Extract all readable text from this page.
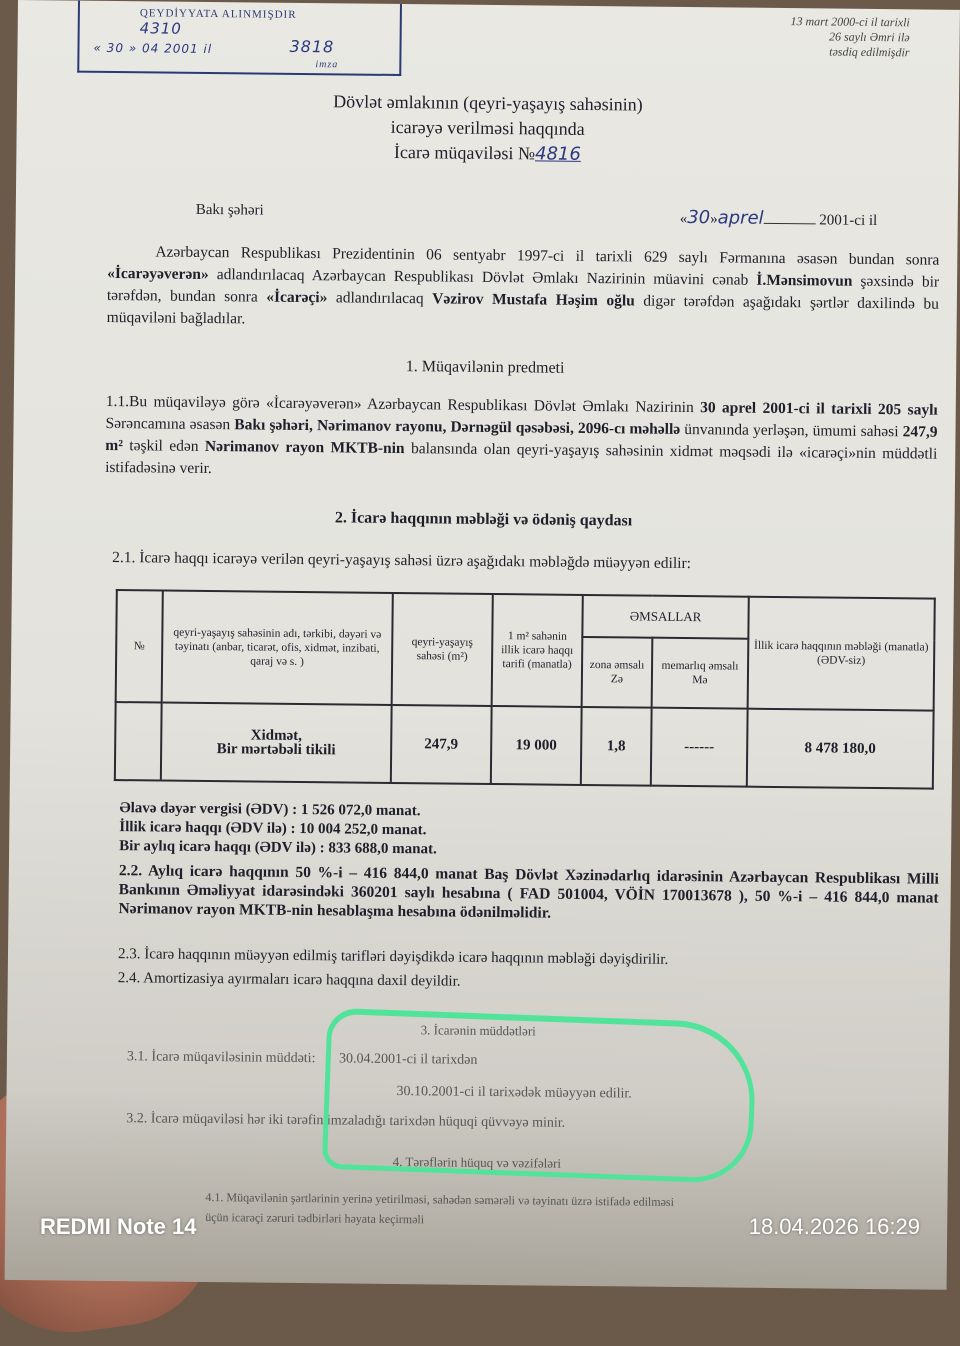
QEYDİYYATA ALINMIŞDIR
4310
« 30 » 04 2001 il	3818
imza
13 mart 2000-ci il tarixli
26 saylı Əmri ilə
təsdiq edilmişdir
Dövlət əmlakının (qeyri-yaşayış sahəsinin)
icarəyə verilməsi haqqında
İcarə müqaviləsi №4816
Bakı şəhəri
«30»aprel	2001-ci il

Azərbaycan Respublikası Prezidentinin 06 sentyabr 1997-ci il tarixli 629 saylı Fərmanına əsasən bundan sonra «İcarəyəverən» adlandırılacaq Azərbaycan Respublikası Dövlət Əmlakı Nazirinin müavini cənab İ.Mənsimovun şəxsində bir tərəfdən, bundan sonra «İcarəçi» adlandırılacaq Vəzirov Mustafa Həşim oğlu digər tərəfdən aşağıdakı şərtlər daxilində bu müqaviləni bağladılar.

1. Müqavilənin predmeti

1.1.Bu müqaviləyə görə «İcarəyəverən» Azərbaycan Respublikası Dövlət Əmlakı Nazirinin 30 aprel 2001-ci il tarixli 205 saylı Sərəncamına əsasən Bakı şəhəri, Nərimanov rayonu, Dərnəgül qəsəbəsi, 2096-cı məhəllə ünvanında yerləşən, ümumi sahəsi 247,9 m² təşkil edən Nərimanov rayon MKTB-nin balansında olan qeyri-yaşayış sahəsinin xidmət məqsədi ilə «icarəçi»nin müddətli istifadəsinə verir.

2. İcarə haqqının məbləği və ödəniş qaydası

2.1. İcarə haqqı icarəyə verilən qeyri-yaşayış sahəsi üzrə aşağıdakı məbləğdə müəyyən edilir:

№	qeyri-yaşayış sahəsinin adı, tərkibi, dəyəri və təyinatı (anbar, ticarət, ofis, xidmət, inzibati, qaraj və s. )	qeyri-yaşayış sahəsi (m²)	1 m² sahənin illik icarə haqqı tarifi (manatla)	ƏMSALLAR		İllik icarə haqqının məbləği (manatla) (ƏDV-siz)
				zona əmsalı Zə	memarlıq əmsalı Mə	

	Xidmət,
Bir mərtəbəli tikili	247,9	19 000	1,8	------	8 478 180,0
Əlavə dəyər vergisi (ƏDV) : 1 526 072,0 manat.
İllik icarə haqqı (ƏDV ilə) : 10 004 252,0 manat.
Bir aylıq icarə haqqı (ƏDV ilə) : 833 688,0 manat.

2.2. Aylıq icarə haqqının 50 %-i – 416 844,0 manat Baş Dövlət Xəzinədarlıq idarəsinin Azərbaycan Respublikası Milli Bankının Əməliyyat idarəsindəki 360201 saylı hesabına ( FAD 501004, VÖİN 170013678 ), 50 %-i – 416 844,0 manat Nərimanov rayon MKTB-nin hesablaşma hesabına ödənilməlidir.

2.3. İcarə haqqının müəyyən edilmiş tarifləri dəyişdikdə icarə haqqının məbləği dəyişdirilir.
2.4. Amortizasiya ayırmaları icarə haqqına daxil deyildir.
3. İcarənin müddətləri
3.1. İcarə müqaviləsinin müddəti: 30.04.2001-ci il tarixdən
30.10.2001-ci il tarixədək müəyyən edilir.
3.2. İcarə müqaviləsi hər iki tərəfin imzaladığı tarixdən hüquqi qüvvəyə minir.
4. Tərəflərin hüquq və vəzifələri
4.1. Müqavilənin şərtlərinin yerinə yetirilməsi, sahədən səmərəli və təyinatı üzrə istifadə edilməsi
üçün icarəçi zəruri tədbirləri həyata keçirməli
REDMI Note 14	18.04.2026 16:29
